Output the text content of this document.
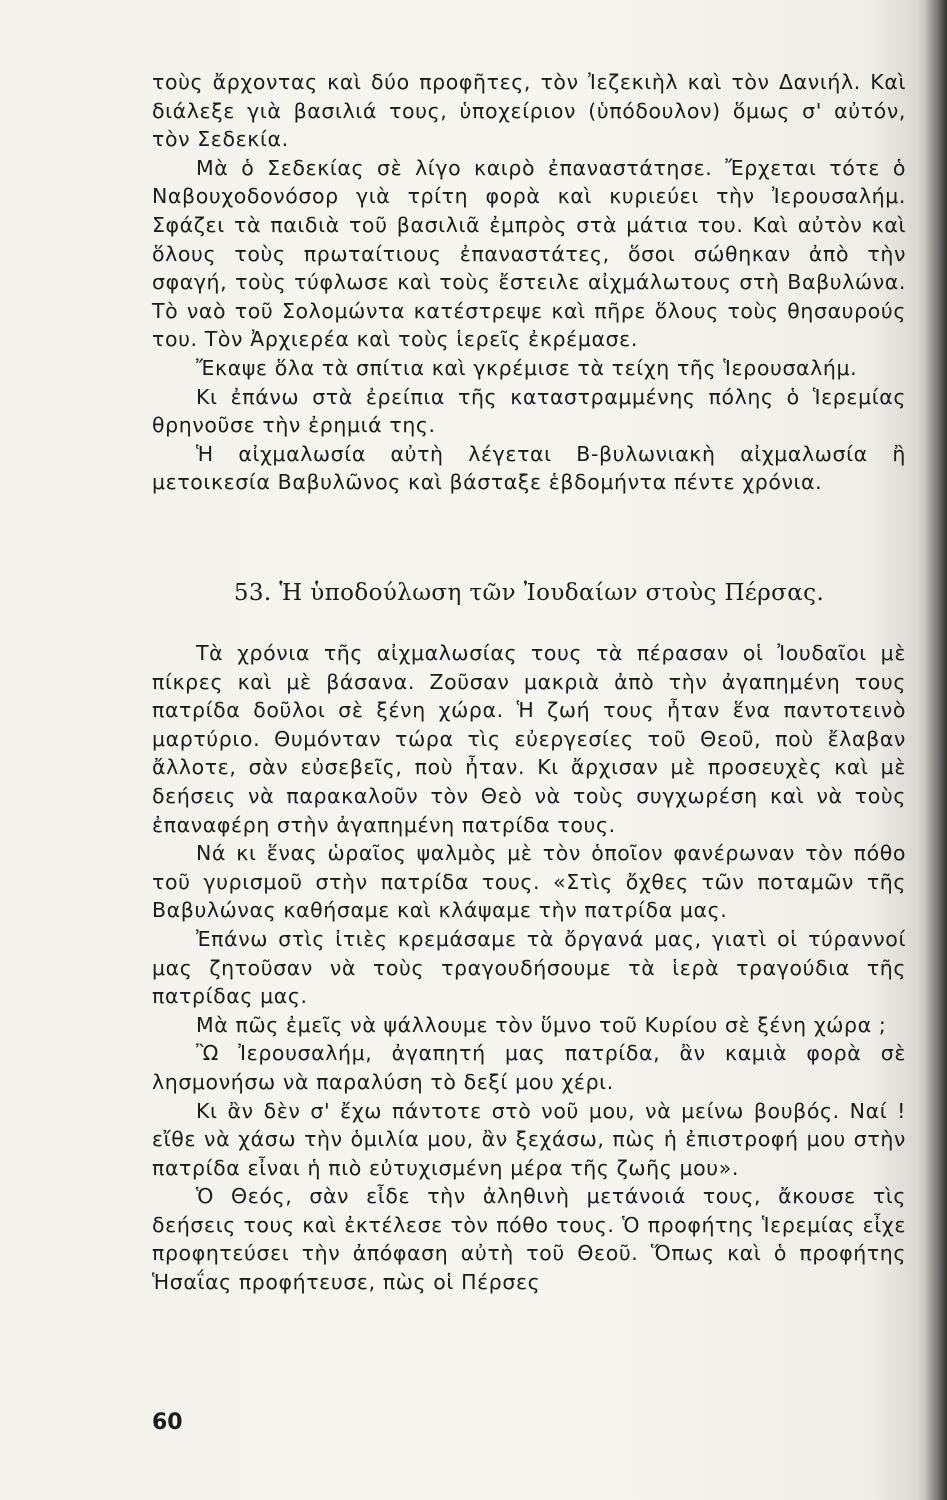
τοὺς ἄρχοντας καὶ δύο προφῆτες, τὸν Ἰεζεκιὴλ καὶ τὸν Δανιήλ. Καὶ διάλεξε γιὰ βασιλιά τους, ὑποχείριον (ὑπόδουλον) ὅμως σ' αὐτόν, τὸν Σεδεκία.

Μὰ ὁ Σεδεκίας σὲ λίγο καιρὸ ἐπαναστάτησε. Ἔρχεται τότε ὁ Ναβουχοδονόσορ γιὰ τρίτη φορὰ καὶ κυριεύει τὴν Ἰερουσαλήμ. Σφάζει τὰ παιδιὰ τοῦ βασιλιᾶ ἐμπρὸς στὰ μάτια του. Καὶ αὐτὸν καὶ ὅλους τοὺς πρωταίτιους ἐπαναστάτες, ὅσοι σώθηκαν ἀπὸ τὴν σφαγή, τοὺς τύφλωσε καὶ τοὺς ἔστειλε αἰχμάλωτους στὴ Βαβυλώνα. Τὸ ναὸ τοῦ Σολομώντα κατέστρεψε καὶ πῆρε ὅλους τοὺς θησαυρούς του. Τὸν Ἀρχιερέα καὶ τοὺς ἱερεῖς ἐκρέμασε.

Ἔκαψε ὅλα τὰ σπίτια καὶ γκρέμισε τὰ τείχη τῆς Ἱερουσαλήμ.

Κι ἐπάνω στὰ ἐρείπια τῆς καταστραμμένης πόλης ὁ Ἱερεμίας θρηνοῦσε τὴν ἐρημιά της.

Ἡ αἰχμαλωσία αὐτὴ λέγεται Β-βυλωνιακὴ αἰχμαλωσία ἢ μετοικεσία Βαβυλῶνος καὶ βάσταξε ἑβδομήντα πέντε χρόνια.

53. Ἡ ὑποδούλωση τῶν Ἰουδαίων στοὺς Πέρσας.

Τὰ χρόνια τῆς αἰχμαλωσίας τους τὰ πέρασαν οἱ Ἰουδαῖοι μὲ πίκρες καὶ μὲ βάσανα. Ζοῦσαν μακριὰ ἀπὸ τὴν ἀγαπημένη τους πατρίδα δοῦλοι σὲ ξένη χώρα. Ἡ ζωή τους ἦταν ἕνα παντοτεινὸ μαρτύριο. Θυμόνταν τώρα τὶς εὐεργεσίες τοῦ Θεοῦ, ποὺ ἔλαβαν ἄλλοτε, σὰν εὐσεβεῖς, ποὺ ἦταν. Κι ἄρχισαν μὲ προσευχὲς καὶ μὲ δεήσεις νὰ παρακαλοῦν τὸν Θεὸ νὰ τοὺς συγχωρέση καὶ νὰ τοὺς ἐπαναφέρη στὴν ἀγαπημένη πατρίδα τους.

Νά κι ἕνας ὡραῖος ψαλμὸς μὲ τὸν ὁποῖον φανέρωναν τὸν πόθο τοῦ γυρισμοῦ στὴν πατρίδα τους. «Στὶς ὄχθες τῶν ποταμῶν τῆς Βαβυλώνας καθήσαμε καὶ κλάψαμε τὴν πατρίδα μας.

Ἐπάνω στὶς ἰτιὲς κρεμάσαμε τὰ ὄργανά μας, γιατὶ οἱ τύραννοί μας ζητοῦσαν νὰ τοὺς τραγουδήσουμε τὰ ἱερὰ τραγούδια τῆς πατρίδας μας.

Μὰ πῶς ἐμεῖς νὰ ψάλλουμε τὸν ὕμνο τοῦ Κυρίου σὲ ξένη χώρα ;

Ὢ Ἰερουσαλήμ, ἀγαπητή μας πατρίδα, ἂν καμιὰ φορὰ σὲ λησμονήσω νὰ παραλύση τὸ δεξί μου χέρι.

Κι ἂν δὲν σ' ἔχω πάντοτε στὸ νοῦ μου, νὰ μείνω βουβός. Ναί ! εἴθε νὰ χάσω τὴν ὁμιλία μου, ἂν ξεχάσω, πὼς ἡ ἐπιστροφή μου στὴν πατρίδα εἶναι ἡ πιὸ εὐτυχισμένη μέρα τῆς ζωῆς μου».

Ὁ Θεός, σὰν εἶδε τὴν ἀληθινὴ μετάνοιά τους, ἄκουσε τὶς δεήσεις τους καὶ ἐκτέλεσε τὸν πόθο τους. Ὁ προφήτης Ἱερεμίας εἶχε προφητεύσει τὴν ἀπόφαση αὐτὴ τοῦ Θεοῦ. Ὅπως καὶ ὁ προφήτης Ἡσαΐας προφήτευσε, πὼς οἱ Πέρσες

60
